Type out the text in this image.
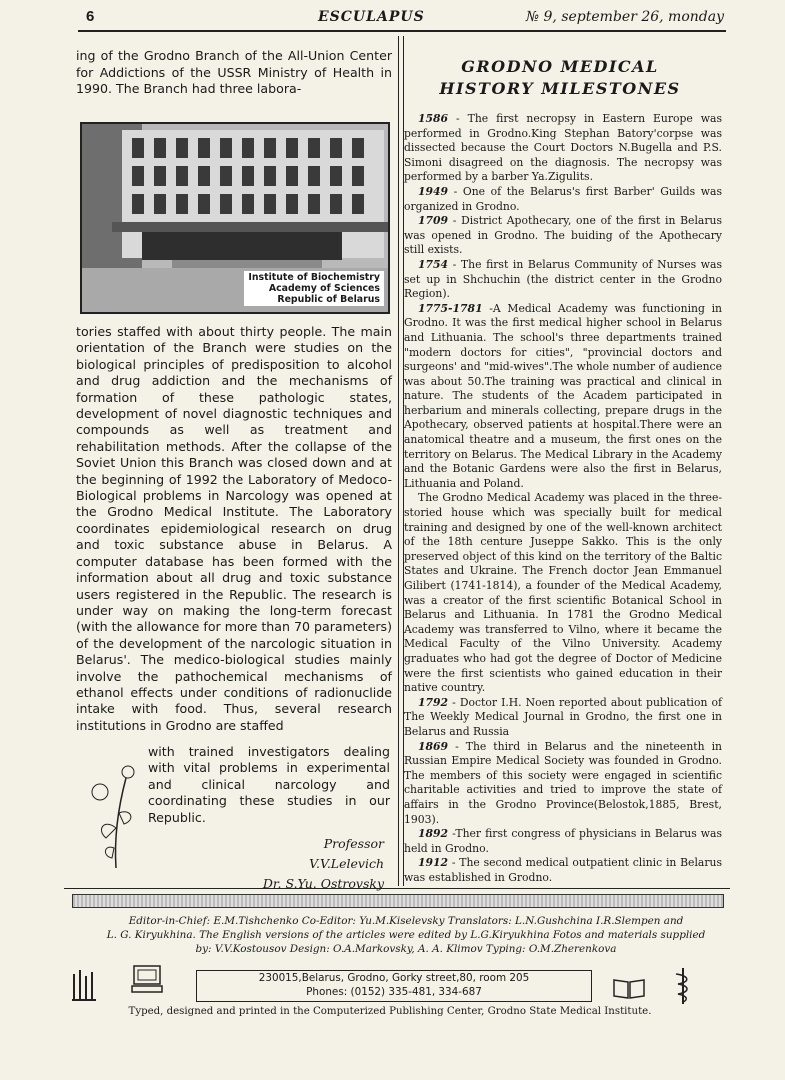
6	ESCULAPUS	№ 9, september 26, monday

ing of the Grodno Branch of the All-Union Center for Addictions of the USSR Ministry of Health in 1990. The Branch had three labora-

Institute of Biochemistry
Academy of Sciences
Republic of Belarus
tories staffed with about thirty people. The main orientation of the Branch were studies on the biological principles of predisposition to alcohol and drug addiction and the mechanisms of formation of these pathologic states, development of novel diagnostic techniques and compounds as well as treatment and rehabilitation methods. After the collapse of the Soviet Union this Branch was closed down and at the beginning of 1992 the Laboratory of Medoco-Biological problems in Narcology was opened at the Grodno Medical Institute. The Laboratory coordinates epidemiological research on drug and toxic substance abuse in Belarus. A computer database has been formed with the information about all drug and toxic substance users registered in the Republic. The research is under way on making the long-term forecast (with the allowance for more than 70 parameters) of the development of the narcologic situation in Belarus'. The medico-biological studies mainly involve the pathochemical mechanisms of ethanol effects under conditions of radionuclide intake with food. Thus, several research institutions in Grodno are staffed
with trained investigators dealing with vital problems in experimental and clinical narcology and coordinating these studies in our Republic.
Professor
V.V.Lelevich
Dr. S.Yu. Ostrovsky
GRODNO MEDICAL
HISTORY MILESTONES

1586 - The first necropsy in Eastern Europe was performed in Grodno.King Stephan Batory'corpse was dissected because the Court Doctors N.Bugella and P.S. Simoni disagreed on the diagnosis. The necropsy was performed by a barber Ya.Zigulits.

1949 - One of the Belarus's first Barber' Guilds was organized in Grodno.

1709 - District Apothecary, one of the first in Belarus was opened in Grodno. The buiding of the Apothecary still exists.

1754 - The first in Belarus Community of Nurses was set up in Shchuchin (the district center in the Grodno Region).

1775-1781 -A Medical Academy was functioning in Grodno. It was the first medical higher school in Belarus and Lithuania. The school's three departments trained "modern doctors for cities", "provincial doctors and surgeons' and "mid-wives".The whole number of audience was about 50.The training was practical and clinical in nature. The students of the Academ participated in herbarium and minerals collecting, prepare drugs in the Apothecary, observed patients at hospital.There were an anatomical theatre and a museum, the first ones on the territory on Belarus. The Medical Library in the Academy and the Botanic Gardens were also the first in Belarus, Lithuania and Poland.

The Grodno Medical Academy was placed in the three-storied house which was specially built for medical training and designed by one of the well-known architect of the 18th centure Juseppe Sakko. This is the only preserved object of this kind on the territory of the Baltic States and Ukraine. The French doctor Jean Emmanuel Gilibert (1741-1814), a founder of the Medical Academy, was a creator of the first scientific Botanical School in Belarus and Lithuania. In 1781 the Grodno Medical Academy was transferred to Vilno, where it became the Medical Faculty of the Vilno University. Academy graduates who had got the degree of Doctor of Medicine were the first scientists who gained education in their native country.

1792 - Doctor I.H. Noen reported about publication of The Weekly Medical Journal in Grodno, the first one in Belarus and Russia

1869 - The third in Belarus and the nineteenth in Russian Empire Medical Society was founded in Grodno. The members of this society were engaged in scientific charitable activities and tried to improve the state of affairs in the Grodno Province(Belostok,1885, Brest, 1903).

1892 -Ther first congress of physicians in Belarus was held in Grodno.

1912 - The second medical outpatient clinic in Belarus was established in Grodno.

Editor-in-Chief: E.M.Tishchenko Co-Editor: Yu.M.Kiselevsky Translators: L.N.Gushchina I.R.Slempen and
L. G. Kiryukhina. The English versions of the articles were edited by L.G.Kiryukhina Fotos and materials supplied
by: V.V.Kostousov Design: O.A.Markovsky, A. A. Klimov Typing: O.M.Zherenkova
230015,Belarus, Grodno, Gorky street,80, room 205
Phones: (0152) 335-481, 334-687
Typed, designed and printed in the Computerized Publishing Center, Grodno State Medical Institute.
